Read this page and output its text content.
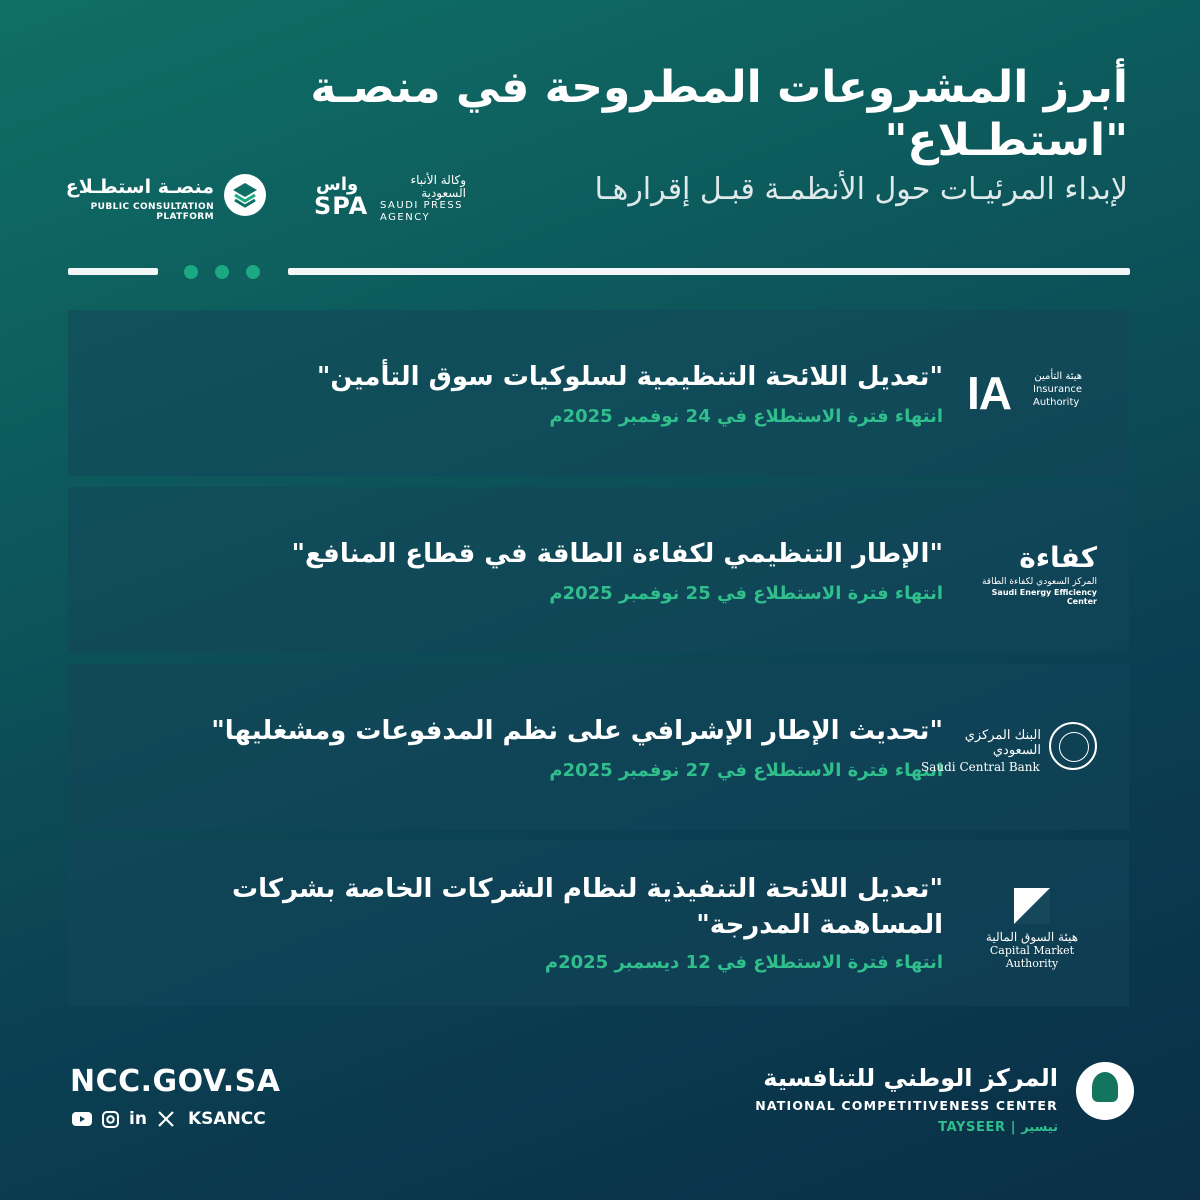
أبرز المشروعات المطروحة في منصـة "استطـلاع"
لإبداء المرئيـات حول الأنظمـة قبـل إقرارهـا
واس
SPA
وكالة الأنباء السعودية
SAUDI PRESS
AGENCY
منصـة استطـلاع
PUBLIC CONSULTATION PLATFORM
"تعديل اللائحة التنظيمية لسلوكيات سوق التأمين"
انتهاء فترة الاستطلاع في 24 نوفمبر 2025م IA هيئة التأمين
Insurance
Authority
"الإطار التنظيمي لكفاءة الطاقة في قطاع المنافع"
انتهاء فترة الاستطلاع في 25 نوفمبر 2025م
كفاءة
المركز السعودي لكفاءة الطاقة
Saudi Energy Efficiency Center
"تحديث الإطار الإشرافي على نظم المدفوعات ومشغليها"
انتهاء فترة الاستطلاع في 27 نوفمبر 2025م
البنك المركزي السعودي
Saudi Central Bank
"تعديل اللائحة التنفيذية لنظام الشركات الخاصة بشركات المساهمة المدرجة"
انتهاء فترة الاستطلاع في 12 ديسمبر 2025م
هيئة السوق المالية
Capital Market Authority
NCC.GOV.SA
in KSANCC
المركز الوطني للتنافسية
NATIONAL COMPETITIVENESS CENTER
TAYSEER | تيسير
